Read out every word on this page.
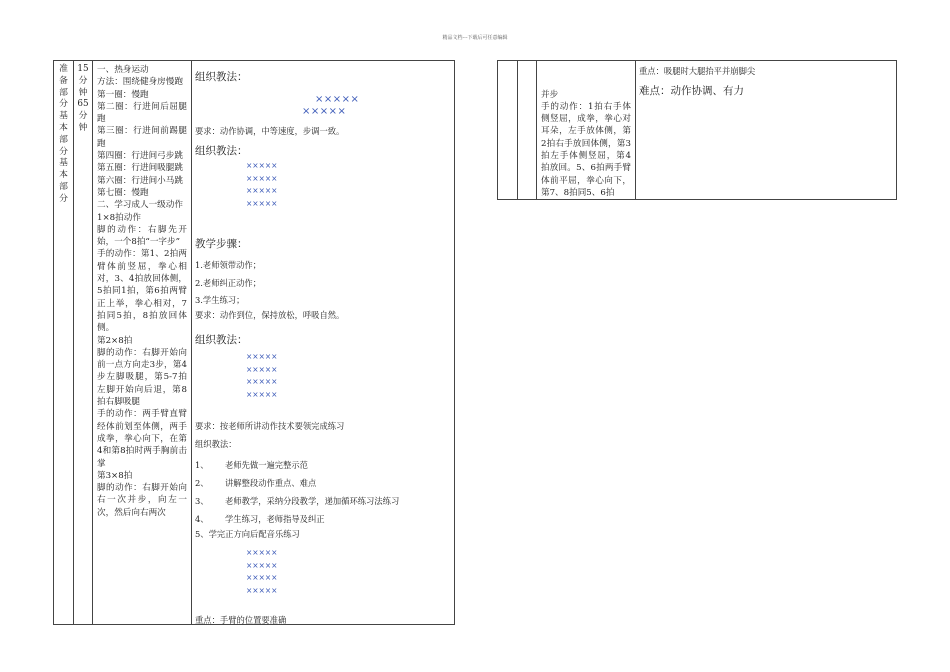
精品文档---下载后可任意编辑
准备部分基本部分基本部分
15分钟65分钟
一、热身运动
方法：围绕健身房慢跑
第一圈：慢跑
第二圈：行进间后屈腿跑
第三圈：行进间前踢腿跑
第四圈：行进间弓步跳
第五圈：行进间吸腿跳
第六圈：行进间小马跳
第七圈：慢跑
二、学习成人一级动作
1×8拍动作
脚的动作：右脚先开始，一个8拍“一字步”
手的动作：第1、2拍两臂体前竖屈，拳心相对，3、4拍放回体侧，5拍同1拍，第6拍两臂正上举，拳心相对，7拍同5拍，8拍放回体侧。
第2×8拍
脚的动作：右脚开始向前一点方向走3步，第4步左脚吸腿，第5-7拍左脚开始向后退，第8拍右脚吸腿
手的动作：两手臂直臂经体前划至体侧，两手成拳，拳心向下，在第4和第8拍时两手胸前击掌
第3×8拍
脚的动作：右脚开始向右一次并步，向左一次，然后向右两次
组织教法：
×××××
×××××
要求：动作协调，中等速度，步调一致。
组织教法：
×××××
×××××
×××××
×××××
教学步骤：
1.老师领带动作；
2.老师纠正动作；
3.学生练习；
要求：动作到位，保持放松，呼吸自然。
组织教法：
×××××
×××××
×××××
×××××
要求：按老师所讲动作技术要领完成练习
组织教法：
1、 老师先做一遍完整示范
2、 讲解整段动作重点、难点
3、 老师教学，采纳分段教学，递加循环练习法练习
4、 学生练习，老师指导及纠正
5、学完正方向后配音乐练习
×××××
×××××
×××××
×××××
重点：手臂的位置要准确

并步
手的动作：1拍右手体侧竖屈，成拳，拳心对耳朵，左手放体侧，第2拍右手放回体侧，第3拍左手体侧竖屈，第4拍放回。5、6拍两手臂体前平屈，拳心向下，第7、8拍同5、6拍

重点：吸腿时大腿抬平并崩脚尖
难点：动作协调、有力
